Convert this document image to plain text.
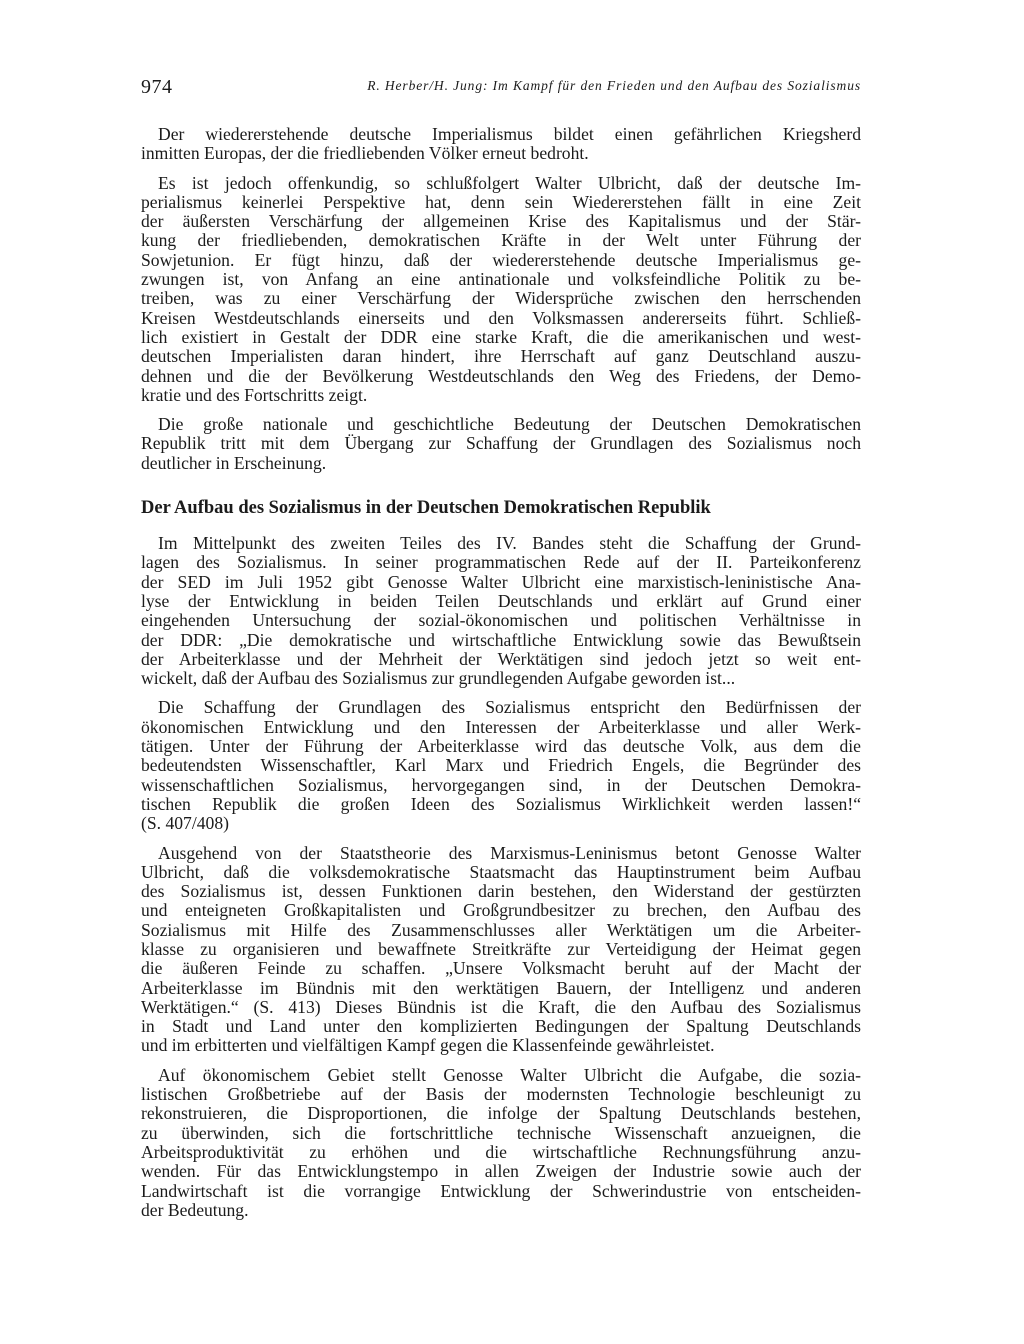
974	R. Herber/H. Jung: Im Kampf für den Frieden und den Aufbau des Sozialismus

Der wiedererstehende deutsche Imperialismus bildet einen gefährlichen Kriegsherd
inmitten Europas, der die friedliebenden Völker erneut bedroht.

Es ist jedoch offenkundig, so schlußfolgert Walter Ulbricht, daß der deutsche Im-
perialismus keinerlei Perspektive hat, denn sein Wiedererstehen fällt in eine Zeit
der äußersten Verschärfung der allgemeinen Krise des Kapitalismus und der Stär-
kung der friedliebenden, demokratischen Kräfte in der Welt unter Führung der
Sowjetunion. Er fügt hinzu, daß der wiedererstehende deutsche Imperialismus ge-
zwungen ist, von Anfang an eine antinationale und volksfeindliche Politik zu be-
treiben, was zu einer Verschärfung der Widersprüche zwischen den herrschenden
Kreisen Westdeutschlands einerseits und den Volksmassen andererseits führt. Schließ-
lich existiert in Gestalt der DDR eine starke Kraft, die die amerikanischen und west-
deutschen Imperialisten daran hindert, ihre Herrschaft auf ganz Deutschland auszu-
dehnen und die der Bevölkerung Westdeutschlands den Weg des Friedens, der Demo-
kratie und des Fortschritts zeigt.

Die große nationale und geschichtliche Bedeutung der Deutschen Demokratischen
Republik tritt mit dem Übergang zur Schaffung der Grundlagen des Sozialismus noch
deutlicher in Erscheinung.

Der Aufbau des Sozialismus in der Deutschen Demokratischen Republik

Im Mittelpunkt des zweiten Teiles des IV. Bandes steht die Schaffung der Grund-
lagen des Sozialismus. In seiner programmatischen Rede auf der II. Parteikonferenz
der SED im Juli 1952 gibt Genosse Walter Ulbricht eine marxistisch-leninistische Ana-
lyse der Entwicklung in beiden Teilen Deutschlands und erklärt auf Grund einer
eingehenden Untersuchung der sozial-ökonomischen und politischen Verhältnisse in
der DDR: „Die demokratische und wirtschaftliche Entwicklung sowie das Bewußtsein
der Arbeiterklasse und der Mehrheit der Werktätigen sind jedoch jetzt so weit ent-
wickelt, daß der Aufbau des Sozialismus zur grundlegenden Aufgabe geworden ist...

Die Schaffung der Grundlagen des Sozialismus entspricht den Bedürfnissen der
ökonomischen Entwicklung und den Interessen der Arbeiterklasse und aller Werk-
tätigen. Unter der Führung der Arbeiterklasse wird das deutsche Volk, aus dem die
bedeutendsten Wissenschaftler, Karl Marx und Friedrich Engels, die Begründer des
wissenschaftlichen Sozialismus, hervorgegangen sind, in der Deutschen Demokra-
tischen Republik die großen Ideen des Sozialismus Wirklichkeit werden lassen!“
(S. 407/408)

Ausgehend von der Staatstheorie des Marxismus-Leninismus betont Genosse Walter
Ulbricht, daß die volksdemokratische Staatsmacht das Hauptinstrument beim Aufbau
des Sozialismus ist, dessen Funktionen darin bestehen, den Widerstand der gestürzten
und enteigneten Großkapitalisten und Großgrundbesitzer zu brechen, den Aufbau des
Sozialismus mit Hilfe des Zusammenschlusses aller Werktätigen um die Arbeiter-
klasse zu organisieren und bewaffnete Streitkräfte zur Verteidigung der Heimat gegen
die äußeren Feinde zu schaffen. „Unsere Volksmacht beruht auf der Macht der
Arbeiterklasse im Bündnis mit den werktätigen Bauern, der Intelligenz und anderen
Werktätigen.“ (S. 413) Dieses Bündnis ist die Kraft, die den Aufbau des Sozialismus
in Stadt und Land unter den komplizierten Bedingungen der Spaltung Deutschlands
und im erbitterten und vielfältigen Kampf gegen die Klassenfeinde gewährleistet.

Auf ökonomischem Gebiet stellt Genosse Walter Ulbricht die Aufgabe, die sozia-
listischen Großbetriebe auf der Basis der modernsten Technologie beschleunigt zu
rekonstruieren, die Disproportionen, die infolge der Spaltung Deutschlands bestehen,
zu überwinden, sich die fortschrittliche technische Wissenschaft anzueignen, die
Arbeitsproduktivität zu erhöhen und die wirtschaftliche Rechnungsführung anzu-
wenden. Für das Entwicklungstempo in allen Zweigen der Industrie sowie auch der
Landwirtschaft ist die vorrangige Entwicklung der Schwerindustrie von entscheiden-
der Bedeutung.
